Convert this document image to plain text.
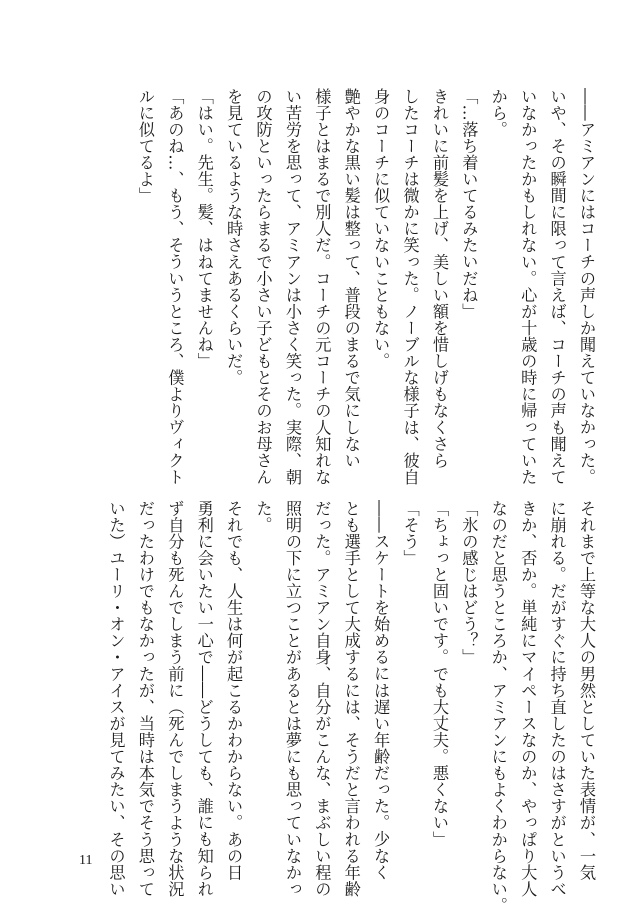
――アミアンにはコーチの声しか聞えていなかった。

いや、その瞬間に限って言えば、コーチの声も聞えて

いなかったかもしれない。心が十歳の時に帰っていた

から。

「…落ち着いてるみたいだね」

きれいに前髪を上げ、美しい額を惜しげもなくさら

したコーチは微かに笑った。ノーブルな様子は、彼自

身のコーチに似ていないこともない。

艶やかな黒い髪は整って、普段のまるで気にしない

様子とはまるで別人だ。コーチの元コーチの人知れな

い苦労を思って、アミアンは小さく笑った。実際、朝

の攻防といったらまるで小さい子どもとそのお母さん

を見ているような時さえあるくらいだ。

「はい。先生。髪、はねてませんね」

「あのね…、もう、そういうところ、僕よりヴィクト

ルに似てるよ」

それまで上等な大人の男然としていた表情が、一気

に崩れる。だがすぐに持ち直したのはさすがというべ

きか、否か。単純にマイペースなのか、やっぱり大人

なのだと思うところか、アミアンにもよくわからない。

「氷の感じはどう？」

「ちょっと固いです。でも大丈夫。悪くない」

「そう」

――スケートを始めるには遅い年齢だった。少なく

とも選手として大成するには、そうだと言われる年齢

だった。アミアン自身、自分がこんな、まぶしい程の

照明の下に立つことがあるとは夢にも思っていなかっ

た。

それでも、人生は何が起こるかわからない。あの日

勇利に会いたい一心で――どうしても、誰にも知られ

ず自分も死んでしまう前に（死んでしまうような状況

だったわけでもなかったが、当時は本気でそう思って

いた）ユーリ・オン・アイスが見てみたい、その思い

11
